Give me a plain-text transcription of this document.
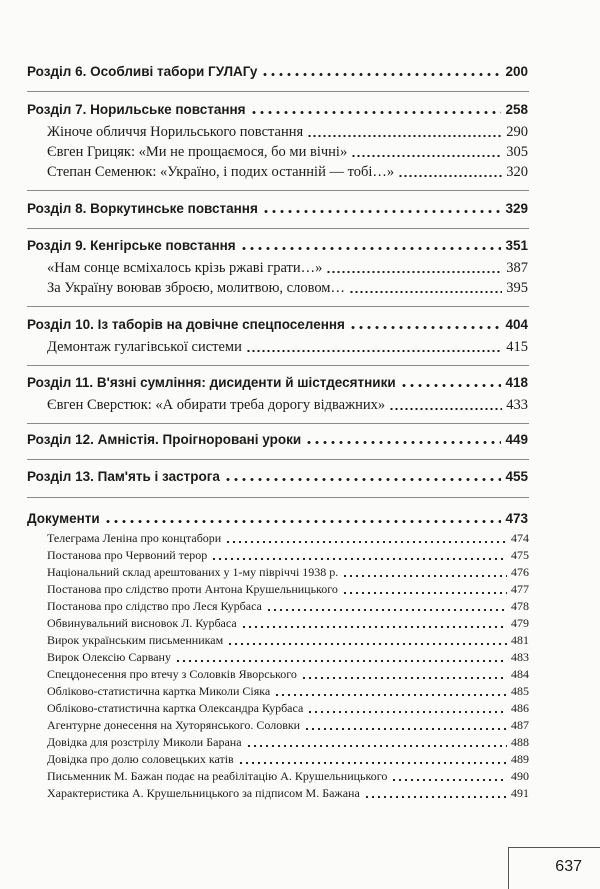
Розділ 6. Особливі табори ГУЛАГу	200
Розділ 7. Норильське повстання	258
Жіноче обличчя Норильського повстання	290
Євген Грицяк: «Ми не прощаємося, бо ми вічні»	305
Степан Семенюк: «Україно, і подих останній — тобі…»	320
Розділ 8. Воркутинське повстання	329
Розділ 9. Кенгірське повстання	351
«Нам сонце всміхалось крізь ржаві грати…»	387
За Україну воював зброєю, молитвою, словом…	395
Розділ 10. Із таборів на довічне спецпоселення	404
Демонтаж гулагівської системи	415
Розділ 11. В'язні сумління: дисиденти й шістдесятники	418
Євген Сверстюк: «А обирати треба дорогу відважних»	433
Розділ 12. Амністія. Проігноровані уроки	449
Розділ 13. Пам'ять і застрога	455
Документи	473
Телеграма Леніна про концтабори	474
Постанова про Червоний терор	475
Національний склад арештованих у 1-му півріччі 1938 р.	476
Постанова про слідство проти Антона Крушельницького	477
Постанова про слідство про Леся Курбаса	478
Обвинувальний висновок Л. Курбаса	479
Вирок українським письменникам	481
Вирок Олексію Сарвану	483
Спецдонесення про втечу з Соловків Яворського	484
Обліково-статистична картка Миколи Сіяка	485
Обліково-статистична картка Олександра Курбаса	486
Агентурне донесення на Хуторянського. Соловки	487
Довідка для розстрілу Миколи Барана	488
Довідка про долю соловецьких катів	489
Письменник М. Бажан подає на реабілітацію А. Крушельницького	490
Характеристика А. Крушельницького за підписом М. Бажана	491
637
